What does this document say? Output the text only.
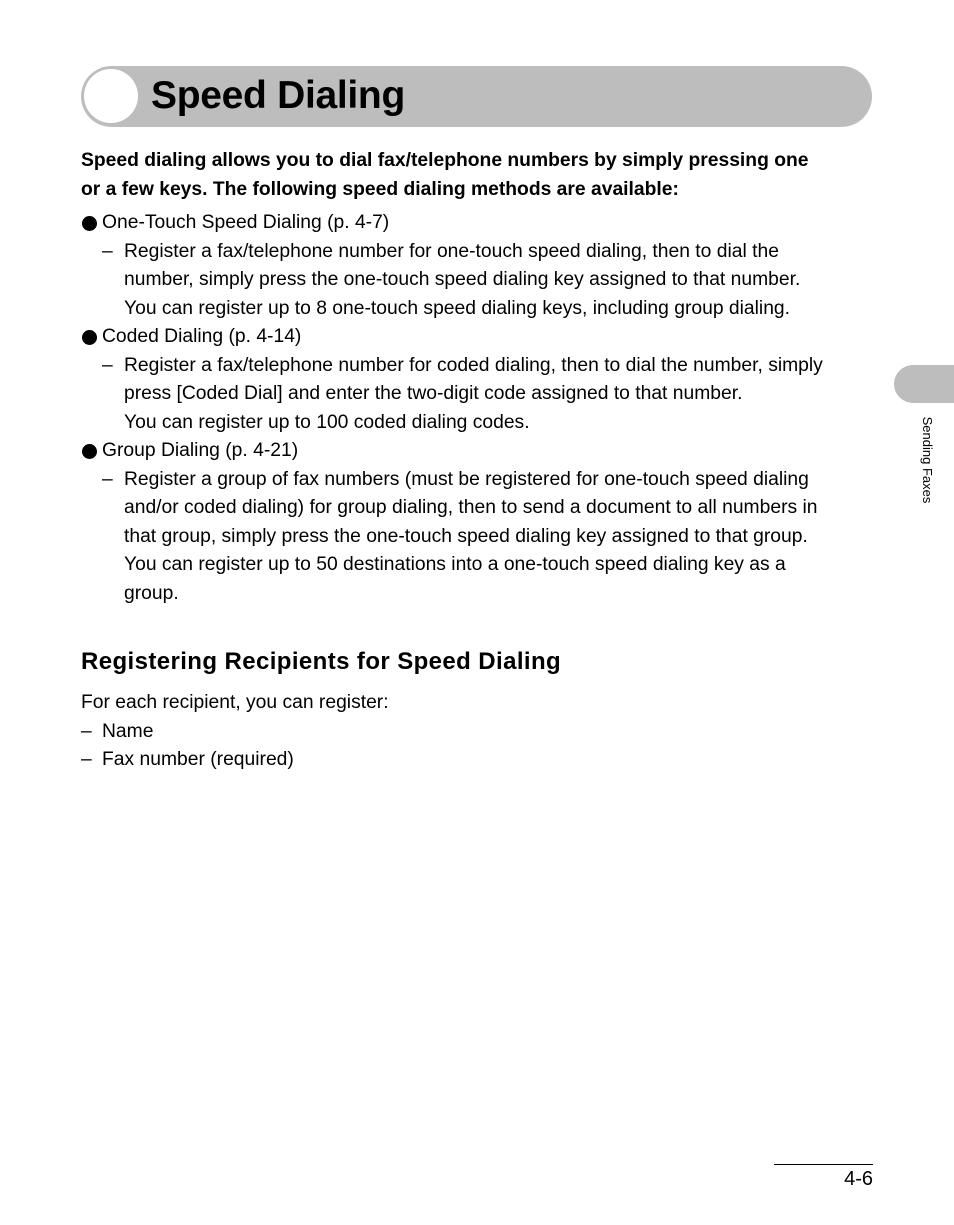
Speed Dialing
Sending Faxes

Speed dialing allows you to dial fax/telephone numbers by simply pressing one
or a few keys. The following speed dialing methods are available:

One-Touch Speed Dialing (p. 4-7)
– Register a fax/telephone number for one-touch speed dialing, then to dial the
number, simply press the one-touch speed dialing key assigned to that number.
You can register up to 8 one-touch speed dialing keys, including group dialing.
Coded Dialing (p. 4-14)
– Register a fax/telephone number for coded dialing, then to dial the number, simply
press [Coded Dial] and enter the two-digit code assigned to that number.
You can register up to 100 coded dialing codes.
Group Dialing (p. 4-21)
– Register a group of fax numbers (must be registered for one-touch speed dialing
and/or coded dialing) for group dialing, then to send a document to all numbers in
that group, simply press the one-touch speed dialing key assigned to that group.
You can register up to 50 destinations into a one-touch speed dialing key as a
group.
Registering Recipients for Speed Dialing
For each recipient, you can register:
– Name
– Fax number (required)
4-6
